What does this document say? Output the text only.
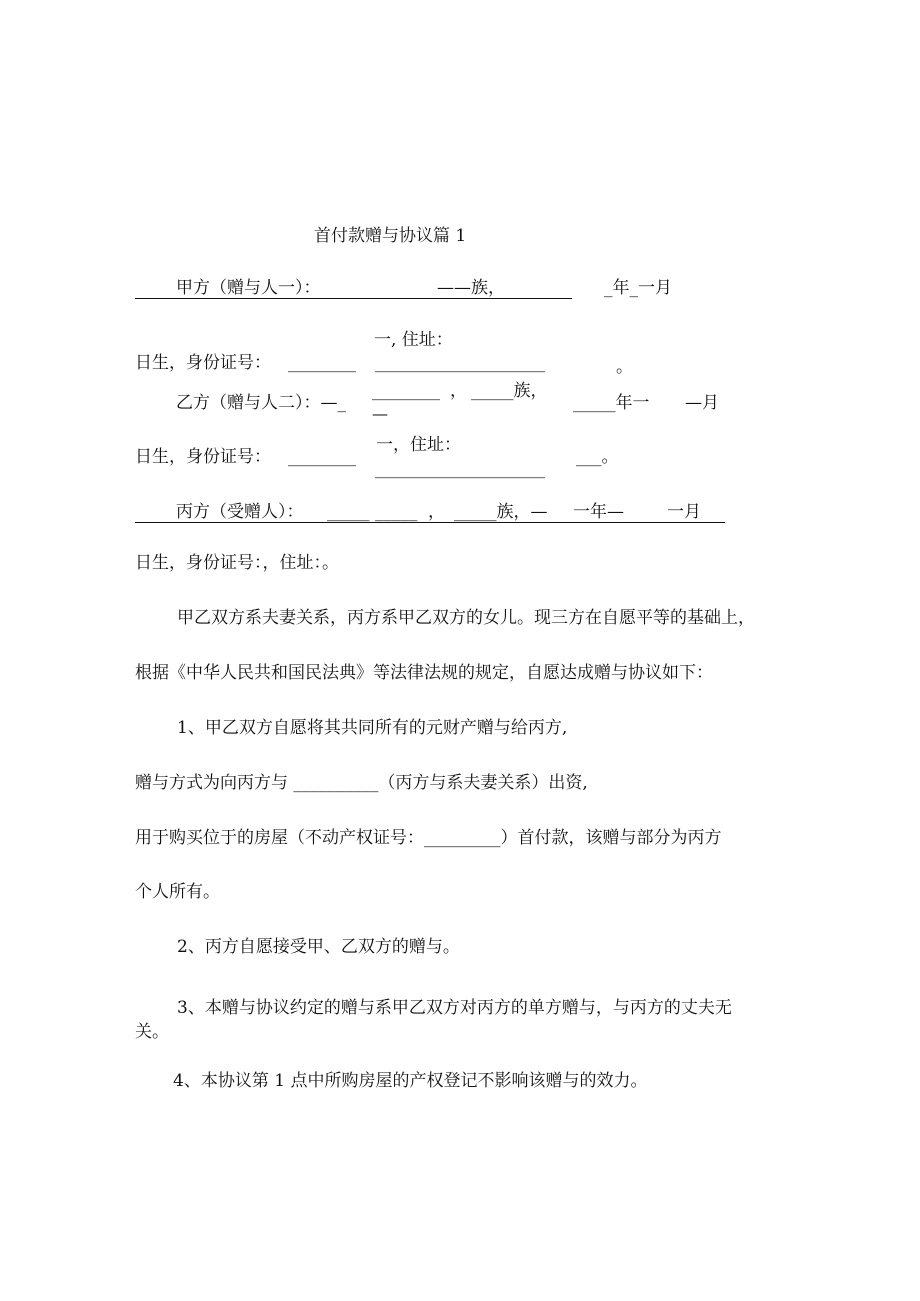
首付款赠与协议篇 1
甲方（赠与人一）：	——族，	_年_一月
一, 住址：
日生，身份证号： ________ ____________________	。
乙方（赠与人二）：—_
________ ， _____族，
—
_____年一 —月
一，住址：
日生，身份证号： ________
____________________
___。
丙方（受赠人）： _____ _____ ， _____族，— 一年—	一月
日生，身份证号：，住址：。
甲乙双方系夫妻关系，丙方系甲乙双方的女儿。现三方在自愿平等的基础上，
根据《中华人民共和国民法典》等法律法规的规定，自愿达成赠与协议如下：
1、甲乙双方自愿将其共同所有的元财产赠与给丙方,
赠与方式为向丙方与 __________（丙方与系夫妻关系）出资,
用于购买位于的房屋（不动产权证号：_________）首付款，该赠与部分为丙方
个人所有。
2、丙方自愿接受甲、乙双方的赠与。
3、本赠与协议约定的赠与系甲乙双方对丙方的单方赠与，与丙方的丈夫无
关。
4、本协议第 1 点中所购房屋的产权登记不影响该赠与的效力。
